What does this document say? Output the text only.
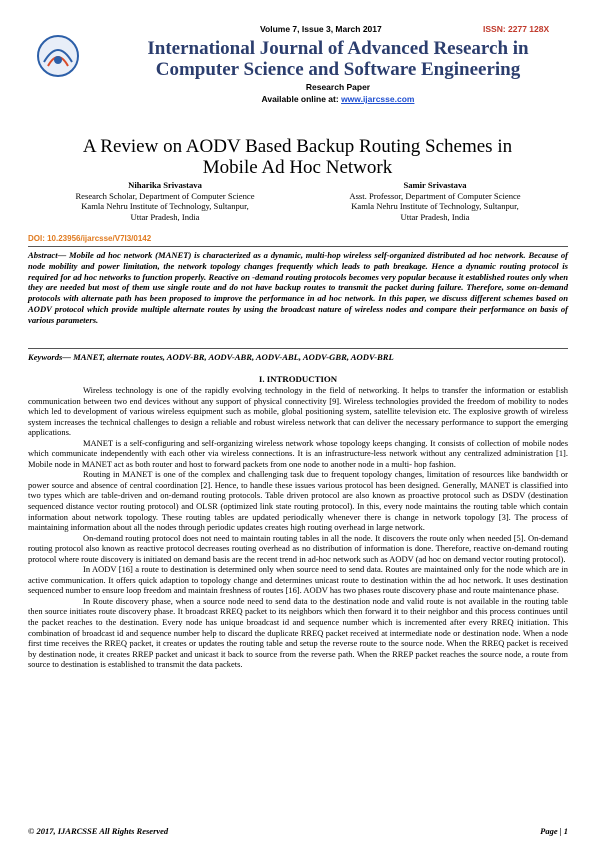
Volume 7, Issue 3, March 2017	ISSN: 2277 128X
International Journal of Advanced Research in
Computer Science and Software Engineering
Research Paper
Available online at: www.ijarcsse.com
A Review on AODV Based Backup Routing Schemes in
Mobile Ad Hoc Network
Niharika Srivastava
Research Scholar, Department of Computer Science
Kamla Nehru Institute of Technology, Sultanpur,
Uttar Pradesh, India
Samir Srivastava
Asst. Professor, Department of Computer Science
Kamla Nehru Institute of Technology, Sultanpur,
Uttar Pradesh, India
DOI: 10.23956/ijarcsse/V7I3/0142
Abstract— Mobile ad hoc network (MANET) is characterized as a dynamic, multi-hop wireless self-organized distributed ad hoc network. Because of node mobility and power limitation, the network topology changes frequently which leads to path breakage. Hence a dynamic routing protocol is required for ad hoc networks to function properly. Reactive on -demand routing protocols becomes very popular because it established routes only when they are needed but most of them use single route and do not have backup routes to transmit the packet during failure. Therefore, some on-demand protocols with alternate path has been proposed to improve the performance in ad hoc network. In this paper, we discuss different schemes based on AODV protocol which provide multiple alternate routes by using the broadcast nature of wireless nodes and compare their performance on basis of various parameters.
Keywords— MANET, alternate routes, AODV-BR, AODV-ABR, AODV-ABL, AODV-GBR, AODV-BRL
I. INTRODUCTION

Wireless technology is one of the rapidly evolving technology in the field of networking. It helps to transfer the information or establish communication between two end devices without any support of physical connectivity [9]. Wireless technologies provided the freedom of mobility to nodes which led to development of various wireless equipment such as mobile, global positioning system, satellite television etc. The explosive growth of wireless system increases the technical challenges to design a reliable and robust wireless network that can deliver the necessary performance to support the emerging applications.

MANET is a self-configuring and self-organizing wireless network whose topology keeps changing. It consists of collection of mobile nodes which communicate independently with each other via wireless connections. It is an infrastructure-less network without any centralized administration [1]. Mobile node in MANET act as both router and host to forward packets from one node to another node in a multi- hop fashion.

Routing in MANET is one of the complex and challenging task due to frequent topology changes, limitation of resources like bandwidth or power source and absence of central coordination [2]. Hence, to handle these issues various protocol has been designed. Generally, MANET is classified into two types which are table-driven and on-demand routing protocols. Table driven protocol are also known as proactive protocol such as DSDV (destination sequenced distance vector routing protocol) and OLSR (optimized link state routing protocol). In this, every node maintains the routing table which contain information about network topology. These routing tables are updated periodically whenever there is change in network topology [3]. The process of maintaining information about all the nodes through periodic updates creates high routing overhead in large network.

On-demand routing protocol does not need to maintain routing tables in all the node. It discovers the route only when needed [5]. On-demand routing protocol also known as reactive protocol decreases routing overhead as no distribution of information is done. Therefore, reactive on-demand routing protocol where route discovery is initiated on demand basis are the recent trend in ad-hoc network such as AODV (ad hoc on demand vector routing protocol).

In AODV [16] a route to destination is determined only when source need to send data. Routes are maintained only for the node which are in active communication. It offers quick adaption to topology change and determines unicast route to destination within the ad hoc network. It uses destination sequenced number to ensure loop freedom and maintain freshness of routes [16]. AODV has two phases route discovery phase and route maintenance phase.

In Route discovery phase, when a source node need to send data to the destination node and valid route is not available in the routing table then source initiates route discovery phase. It broadcast RREQ packet to its neighbors which then forward it to their neighbor and this process continues until the packet reaches to the destination. Every node has unique broadcast id and sequence number which is incremented after every RREQ initiation. This combination of broadcast id and sequence number help to discard the duplicate RREQ packet received at intermediate node or destination node. When a node first time receives the RREQ packet, it creates or updates the routing table and setup the reverse route to the source node. When the RREQ packet is received by destination node, it creates RREP packet and unicast it back to source from the reverse path. When the RREP packet reaches the source node, a route from source to destination is established to transmit the data packets.

© 2017, IJARCSSE All Rights Reserved	Page | 1
